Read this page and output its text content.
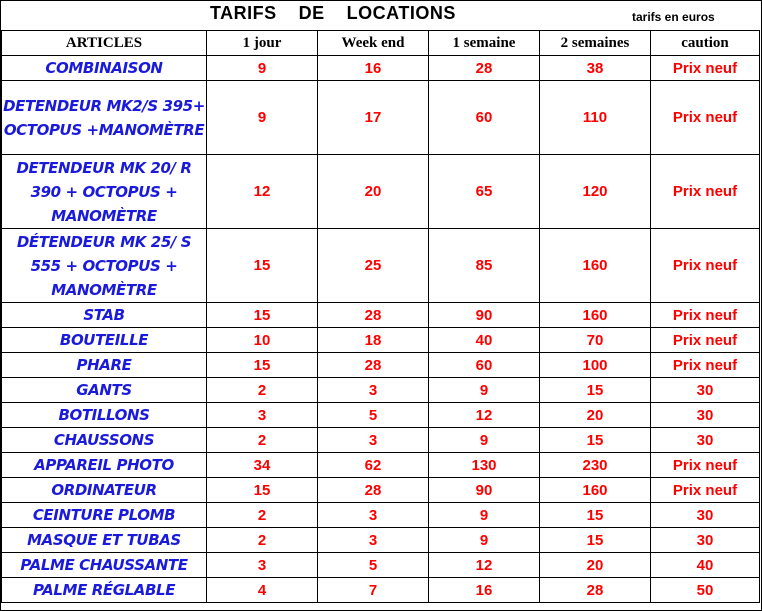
TARIFS    DE    LOCATIONS	tarifs en euros
ARTICLES	1 jour	Week end	1 semaine	2 semaines	caution
COMBINAISON	9	16	28	38	Prix neuf
DETENDEUR MK2/S 395+ OCTOPUS +MANOMÈTRE	9	17	60	110	Prix neuf
DETENDEUR MK 20/ R 390 + OCTOPUS + MANOMÈTRE	12	20	65	120	Prix neuf
DÉTENDEUR MK 25/ S 555 + OCTOPUS + MANOMÈTRE	15	25	85	160	Prix neuf
STAB	15	28	90	160	Prix neuf
BOUTEILLE	10	18	40	70	Prix neuf
PHARE	15	28	60	100	Prix neuf
GANTS	2	3	9	15	30
BOTILLONS	3	5	12	20	30
CHAUSSONS	2	3	9	15	30
APPAREIL PHOTO	34	62	130	230	Prix neuf
ORDINATEUR	15	28	90	160	Prix neuf
CEINTURE PLOMB	2	3	9	15	30
MASQUE ET TUBAS	2	3	9	15	30
PALME CHAUSSANTE	3	5	12	20	40
PALME RÉGLABLE	4	7	16	28	50
